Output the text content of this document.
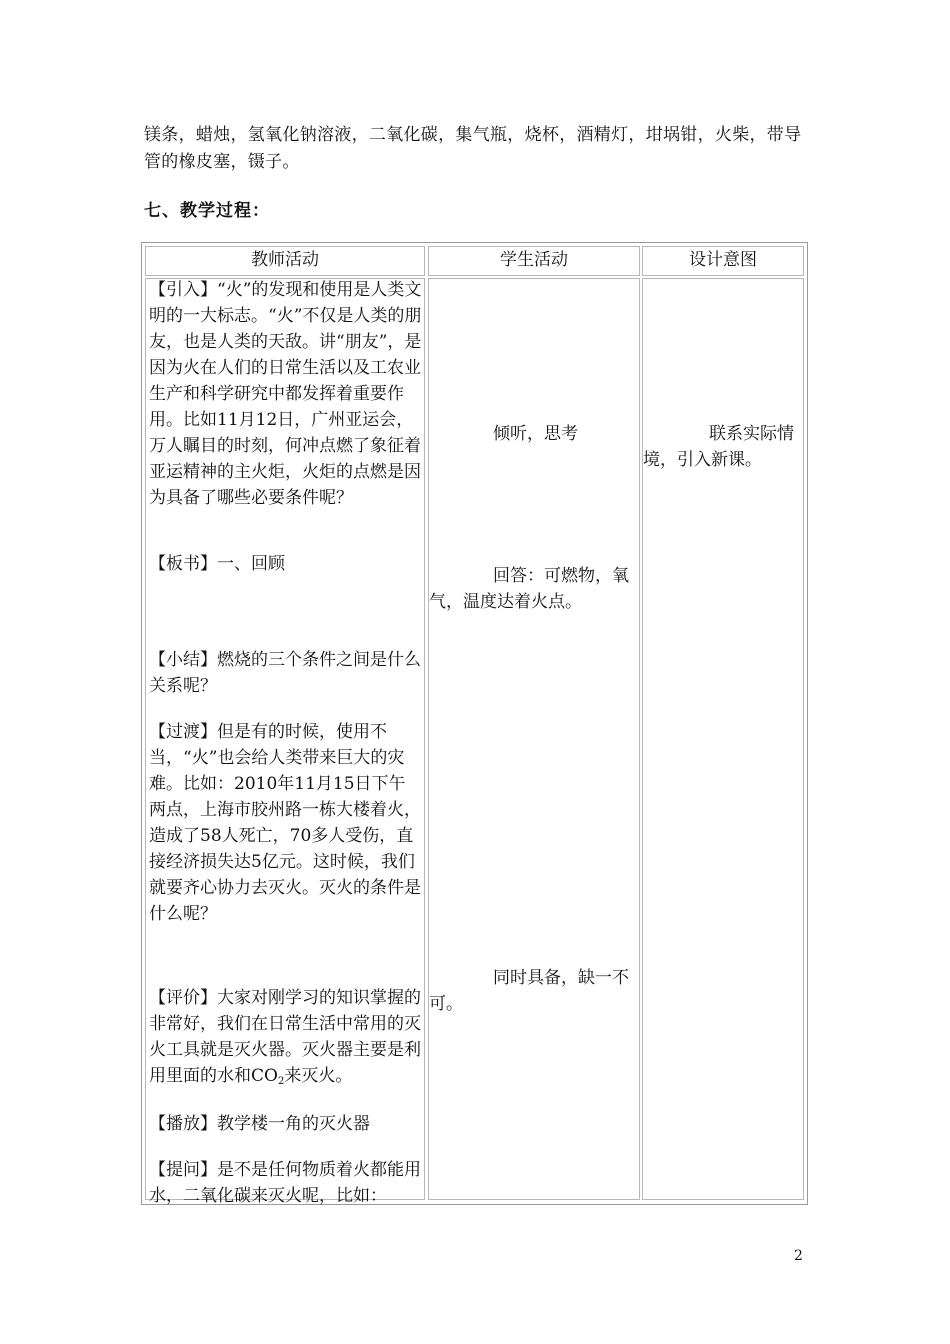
镁条，蜡烛，氢氧化钠溶液，二氧化碳，集气瓶，烧杯，酒精灯，坩埚钳，火柴，带导
管的橡皮塞，镊子。
七、教学过程：
教师活动	学生活动	设计意图
【引入】“火”的发现和使用是人类文明的一大标志。“火”不仅是人类的朋友，也是人类的天敌。讲“朋友”，是因为火在人们的日常生活以及工农业生产和科学研究中都发挥着重要作用。比如11月12日，广州亚运会，万人瞩目的时刻，何冲点燃了象征着亚运精神的主火炬，火炬的点燃是因为具备了哪些必要条件呢？
【板书】一、回顾
【小结】燃烧的三个条件之间是什么关系呢？
【过渡】但是有的时候，使用不当，“火”也会给人类带来巨大的灾难。比如：2010年11月15日下午两点，上海市胶州路一栋大楼着火，造成了58人死亡，70多人受伤，直接经济损失达5亿元。这时候，我们就要齐心协力去灭火。灭火的条件是什么呢？
【评价】大家对刚学习的知识掌握的非常好，我们在日常生活中常用的灭火工具就是灭火器。灭火器主要是利用里面的水和$CO_2$来灭火。
【播放】教学楼一角的灭火器
【提问】是不是任何物质着火都能用水，二氧化碳来灭火呢，比如：
倾听，思考
回答：可燃物，氧
气，温度达着火点。
同时具备，缺一不
可。
联系实际情
境，引入新课。
2
